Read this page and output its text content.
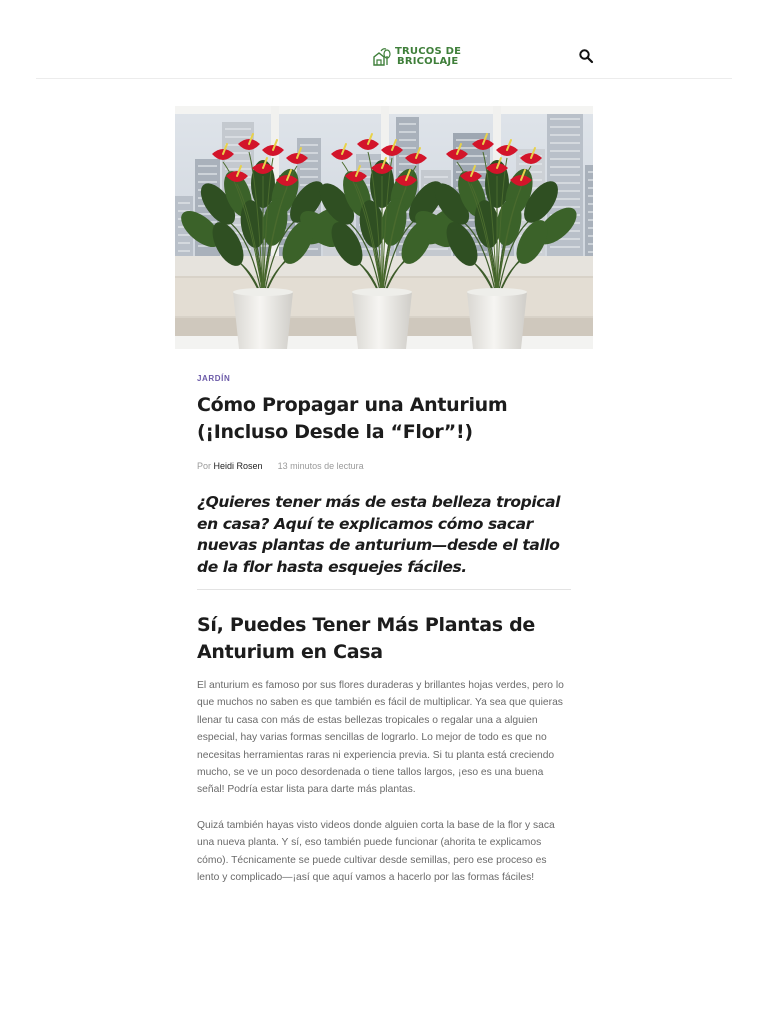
TRUCOS DE
BRICOLAJE
JARDÍN
Cómo Propagar una Anturium (¡Incluso Desde la “Flor”!)
Por Heidi Rosen 13 minutos de lectura

¿Quieres tener más de esta belleza tropical en casa? Aquí te explicamos cómo sacar nuevas plantas de anturium—desde el tallo de la flor hasta esquejes fáciles.

Sí, Puedes Tener Más Plantas de Anturium en Casa

El anturium es famoso por sus flores duraderas y brillantes hojas verdes, pero lo que muchos no saben es que también es fácil de multiplicar. Ya sea que quieras llenar tu casa con más de estas bellezas tropicales o regalar una a alguien especial, hay varias formas sencillas de lograrlo. Lo mejor de todo es que no necesitas herramientas raras ni experiencia previa. Si tu planta está creciendo mucho, se ve un poco desordenada o tiene tallos largos, ¡eso es una buena señal! Podría estar lista para darte más plantas.

Quizá también hayas visto videos donde alguien corta la base de la flor y saca una nueva planta. Y sí, eso también puede funcionar (ahorita te explicamos cómo). Técnicamente se puede cultivar desde semillas, pero ese proceso es lento y complicado—¡así que aquí vamos a hacerlo por las formas fáciles!
